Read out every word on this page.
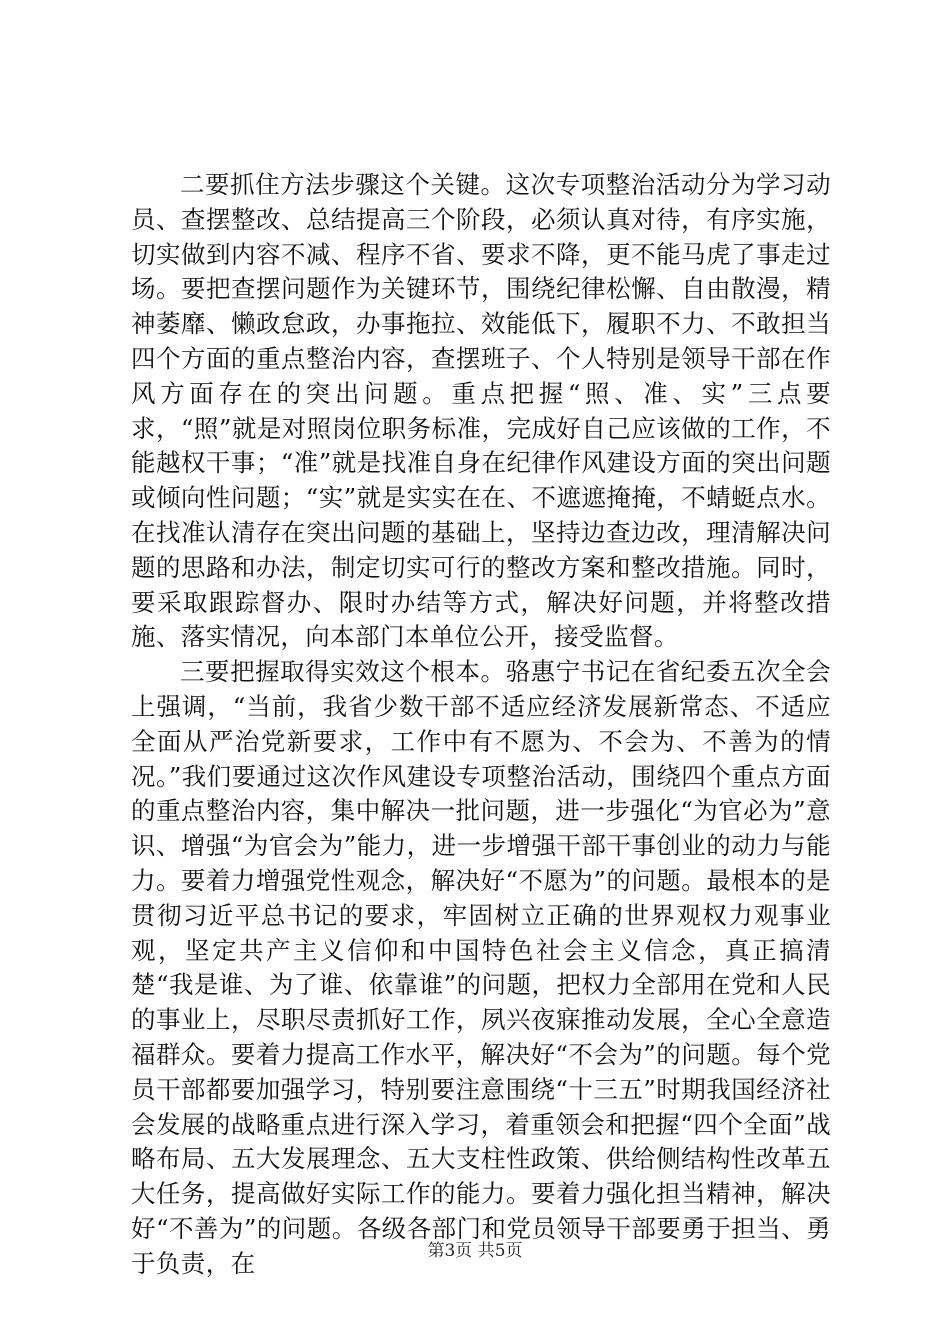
二要抓住方法步骤这个关键。这次专项整治活动分为学习动员、查摆整改、总结提高三个阶段，必须认真对待，有序实施，切实做到内容不减、程序不省、要求不降，更不能马虎了事走过场。要把查摆问题作为关键环节，围绕纪律松懈、自由散漫，精神萎靡、懒政怠政，办事拖拉、效能低下，履职不力、不敢担当四个方面的重点整治内容，查摆班子、个人特别是领导干部在作风方面存在的突出问题。重点把握“照、准、实”三点要求，“照”就是对照岗位职务标准，完成好自己应该做的工作，不能越权干事；“准”就是找准自身在纪律作风建设方面的突出问题或倾向性问题；“实”就是实实在在、不遮遮掩掩，不蜻蜓点水。在找准认清存在突出问题的基础上，坚持边查边改，理清解决问题的思路和办法，制定切实可行的整改方案和整改措施。同时，要采取跟踪督办、限时办结等方式，解决好问题，并将整改措施、落实情况，向本部门本单位公开，接受监督。

三要把握取得实效这个根本。骆惠宁书记在省纪委五次全会上强调，“当前，我省少数干部不适应经济发展新常态、不适应全面从严治党新要求，工作中有不愿为、不会为、不善为的情况。”我们要通过这次作风建设专项整治活动，围绕四个重点方面的重点整治内容，集中解决一批问题，进一步强化“为官必为”意识、增强“为官会为”能力，进一步增强干部干事创业的动力与能力。要着力增强党性观念，解决好“不愿为”的问题。最根本的是贯彻习近平总书记的要求，牢固树立正确的世界观权力观事业观，坚定共产主义信仰和中国特色社会主义信念，真正搞清楚“我是谁、为了谁、依靠谁”的问题，把权力全部用在党和人民的事业上，尽职尽责抓好工作，夙兴夜寐推动发展，全心全意造福群众。要着力提高工作水平，解决好“不会为”的问题。每个党员干部都要加强学习，特别要注意围绕“十三五”时期我国经济社会发展的战略重点进行深入学习，着重领会和把握“四个全面”战略布局、五大发展理念、五大支柱性政策、供给侧结构性改革五大任务，提高做好实际工作的能力。要着力强化担当精神，解决好“不善为”的问题。各级各部门和党员领导干部要勇于担当、勇于负责，在	第3页 共5页
